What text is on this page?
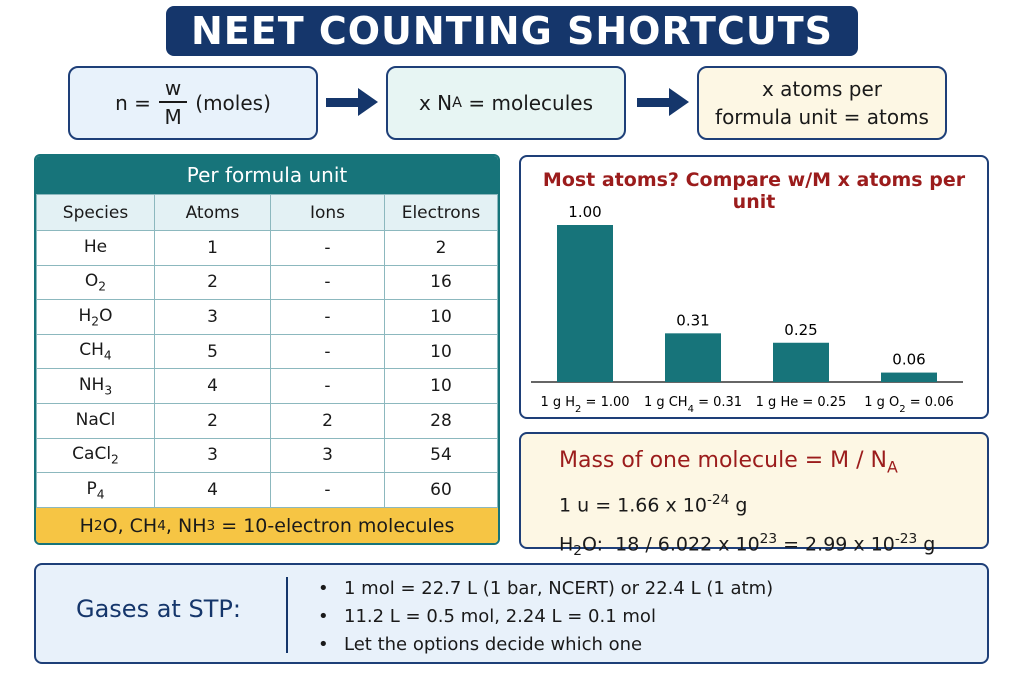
NEET COUNTING SHORTCUTS
$n = \frac{w}{M}$ (moles)	x N A
= molecules
x atoms per
formula unit = atoms
Per formula unit
Species	Atoms	Ions	Electrons
He	1	-	2
$O_2$	2	-	16
$H_2O$	3	-	10
$CH_4$	5	-	10
$NH_3$	4	-	10
NaCl	2	2	28
CaCl$_2$	3	3	54
$P_4$	4	-	60
H 2 O, CH 4 , NH 3 = 10-electron molecules
Most atoms? Compare w/M x atoms per unit
1.00
1 g $H_2 = 1.00$
0.31
1 g $CH_4 = 0.31$
0.25
1 g He = 0.25
0.06
1 g $O_2 = 0.06$
Mass of one molecule = M / $N_A$
1 u = 1.66 x $10^{-24}$ g
$H_2O$:  18 / 6.022 x $10^{23} = 2.99$ x $10^{-23}$ g
Gases at STP:
• 1 mol = 22.7 L (1 bar, NCERT) or 22.4 L (1 atm)
• 11.2 L = 0.5 mol, 2.24 L = 0.1 mol
• Let the options decide which one
